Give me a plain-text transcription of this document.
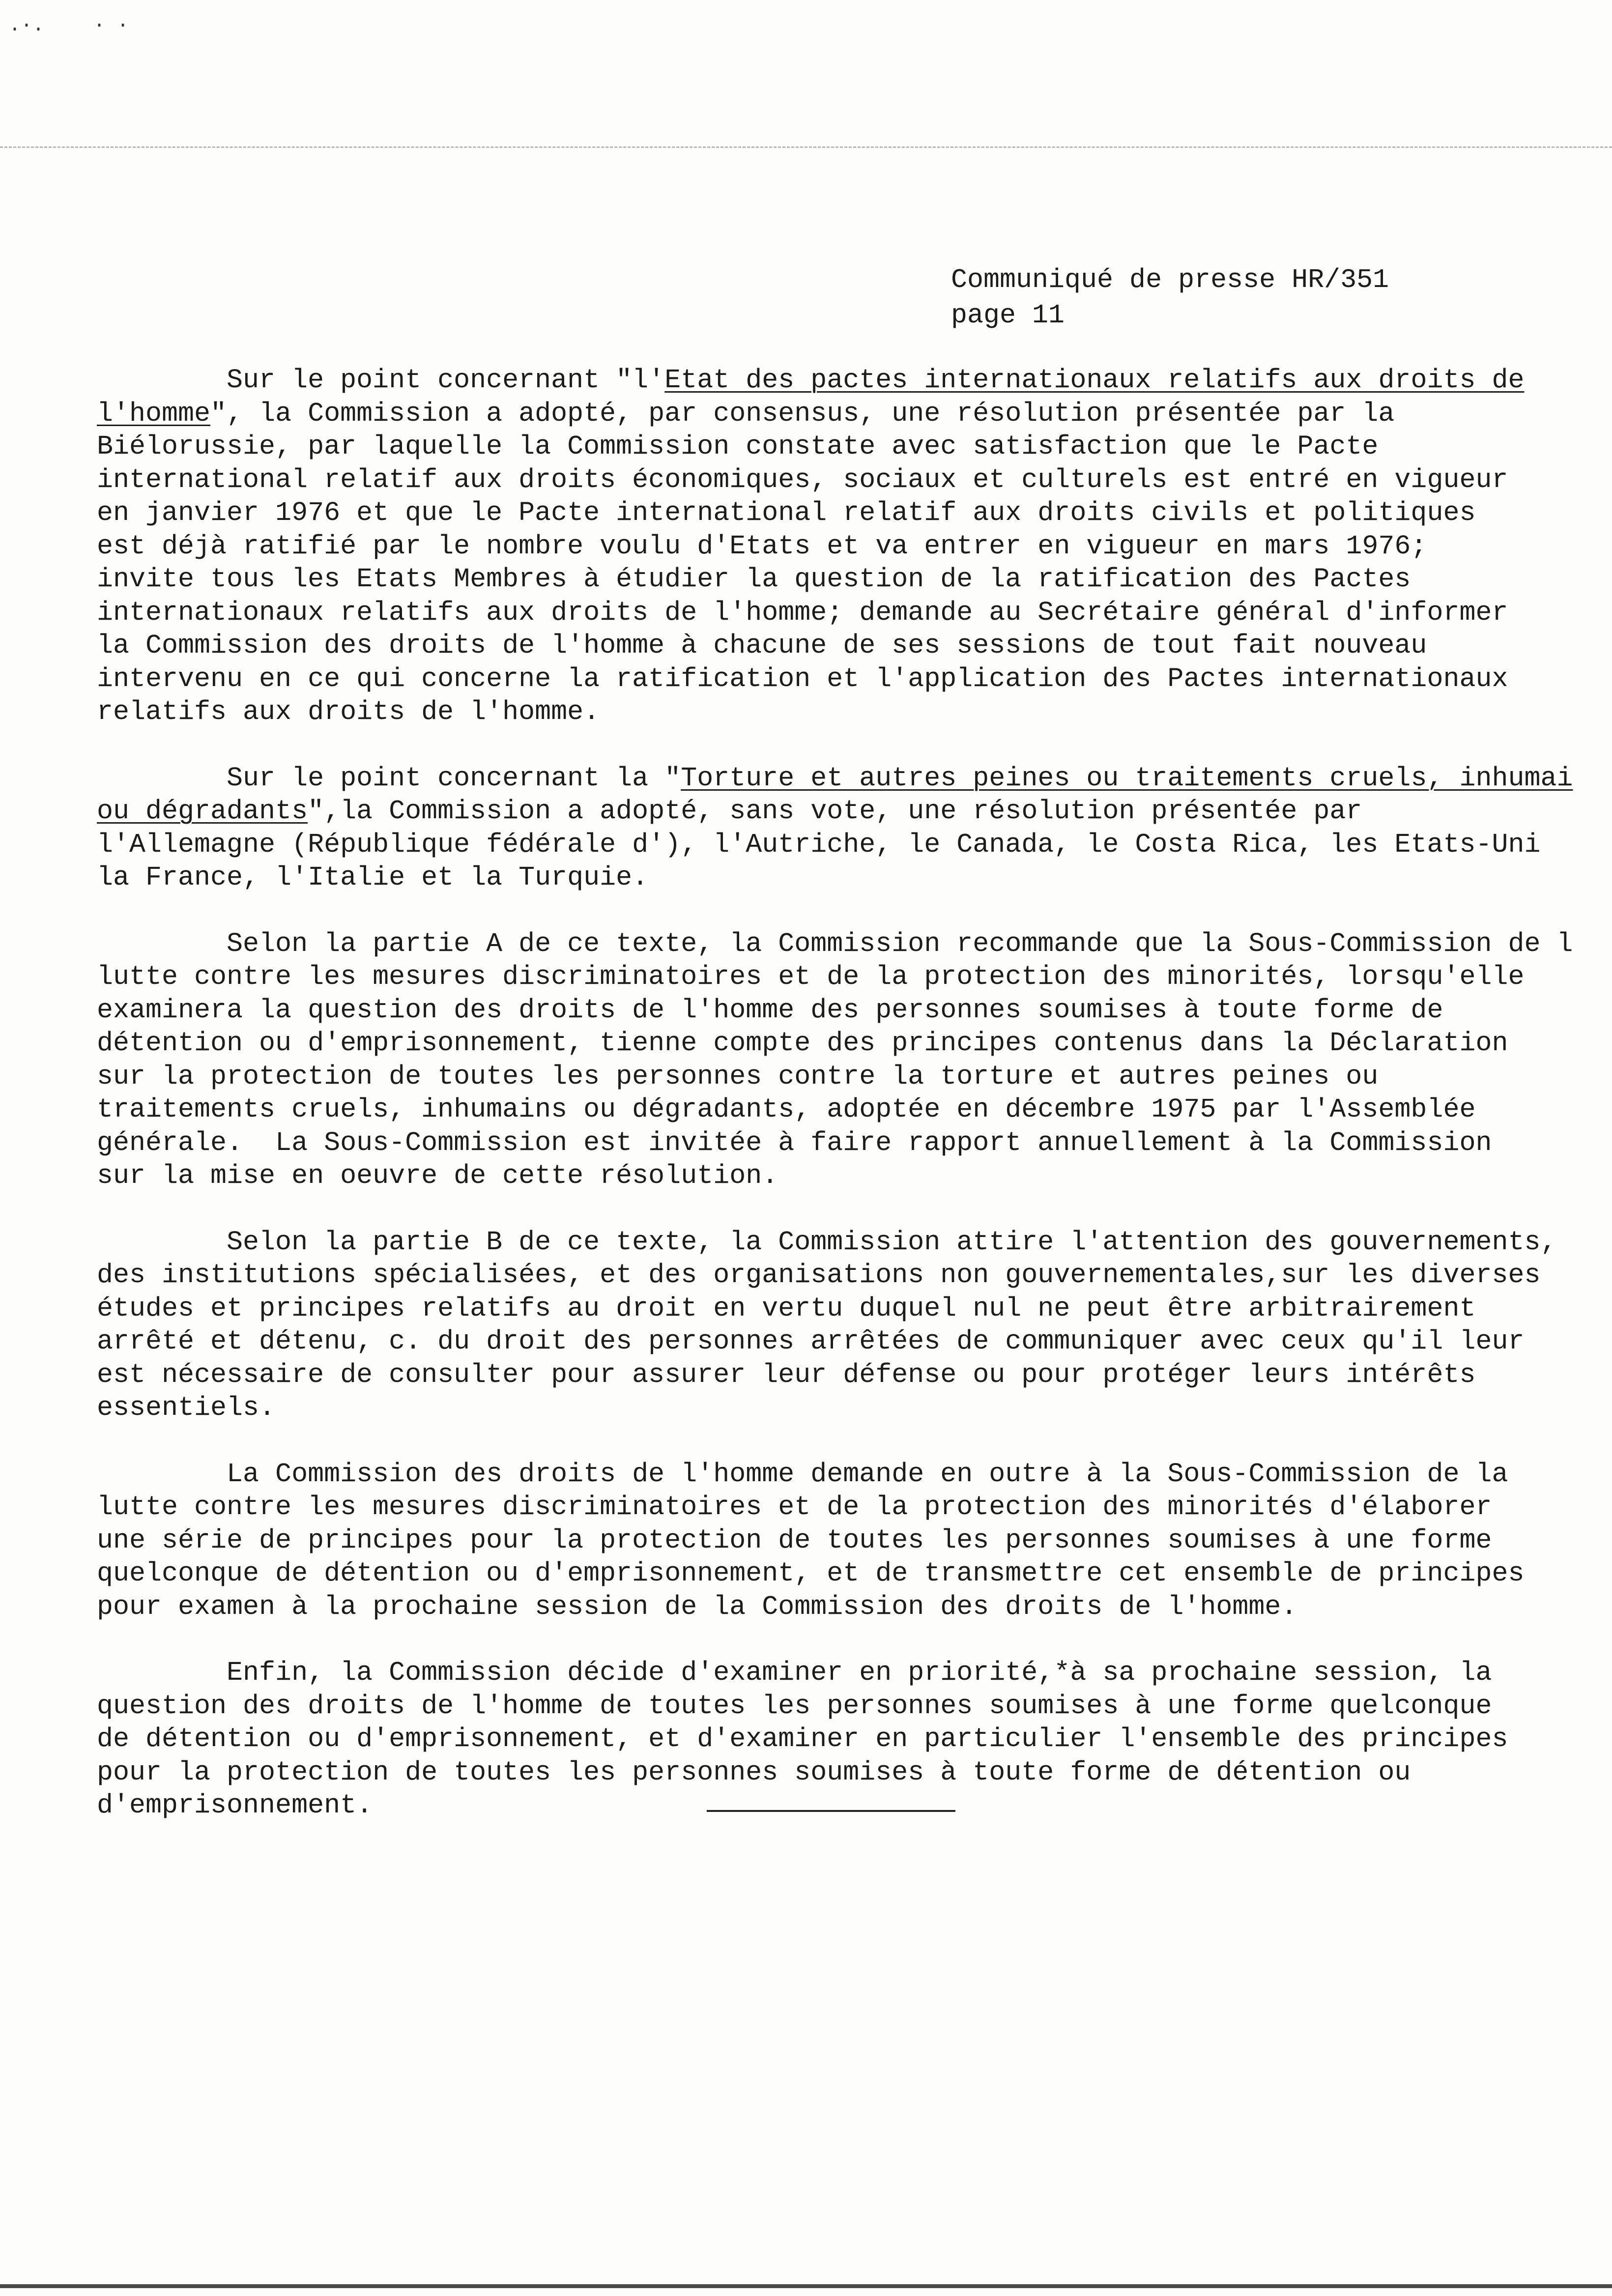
.·. · ·
Communiqué de presse HR/351
page 11
Sur le point concernant "l'Etat des pactes internationaux relatifs aux droits de
l'homme", la Commission a adopté, par consensus, une résolution présentée par la
Biélorussie, par laquelle la Commission constate avec satisfaction que le Pacte
international relatif aux droits économiques, sociaux et culturels est entré en vigueur
en janvier 1976 et que le Pacte international relatif aux droits civils et politiques
est déjà ratifié par le nombre voulu d'Etats et va entrer en vigueur en mars 1976;
invite tous les Etats Membres à étudier la question de la ratification des Pactes
internationaux relatifs aux droits de l'homme; demande au Secrétaire général d'informer
la Commission des droits de l'homme à chacune de ses sessions de tout fait nouveau
intervenu en ce qui concerne la ratification et l'application des Pactes internationaux
relatifs aux droits de l'homme.
Sur le point concernant la "Torture et autres peines ou traitements cruels, inhumai
ou dégradants",la Commission a adopté, sans vote, une résolution présentée par
l'Allemagne (République fédérale d'), l'Autriche, le Canada, le Costa Rica, les Etats-Uni
la France, l'Italie et la Turquie.
Selon la partie A de ce texte, la Commission recommande que la Sous-Commission de l
lutte contre les mesures discriminatoires et de la protection des minorités, lorsqu'elle
examinera la question des droits de l'homme des personnes soumises à toute forme de
détention ou d'emprisonnement, tienne compte des principes contenus dans la Déclaration
sur la protection de toutes les personnes contre la torture et autres peines ou
traitements cruels, inhumains ou dégradants, adoptée en décembre 1975 par l'Assemblée
générale.  La Sous-Commission est invitée à faire rapport annuellement à la Commission
sur la mise en oeuvre de cette résolution.
Selon la partie B de ce texte, la Commission attire l'attention des gouvernements,
des institutions spécialisées, et des organisations non gouvernementales,sur les diverses
études et principes relatifs au droit en vertu duquel nul ne peut être arbitrairement
arrêté et détenu, c. du droit des personnes arrêtées de communiquer avec ceux qu'il leur
est nécessaire de consulter pour assurer leur défense ou pour protéger leurs intérêts
essentiels.
La Commission des droits de l'homme demande en outre à la Sous-Commission de la
lutte contre les mesures discriminatoires et de la protection des minorités d'élaborer
une série de principes pour la protection de toutes les personnes soumises à une forme
quelconque de détention ou d'emprisonnement, et de transmettre cet ensemble de principes
pour examen à la prochaine session de la Commission des droits de l'homme.
Enfin, la Commission décide d'examiner en priorité,*à sa prochaine session, la
question des droits de l'homme de toutes les personnes soumises à une forme quelconque
de détention ou d'emprisonnement, et d'examiner en particulier l'ensemble des principes
pour la protection de toutes les personnes soumises à toute forme de détention ou
d'emprisonnement.
